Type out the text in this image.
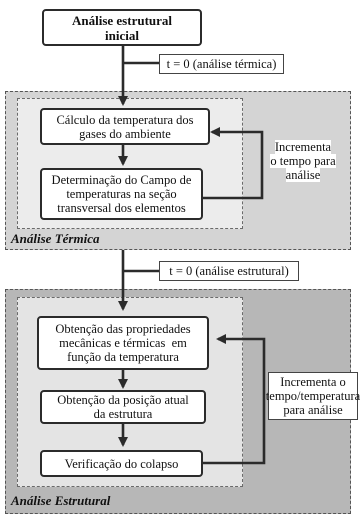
Análise estrutural
inicial
t = 0 (análise térmica)
Cálculo da temperatura dos
gases do ambiente
Determinação do Campo de
temperaturas na seção
transversal dos elementos
Incrementa
o tempo para
análise
Análise Térmica
t = 0 (análise estrutural)
Obtenção das propriedades
mecânicas e térmicas  em
função da temperatura
Obtenção da posição atual
da estrutura
Verificação do colapso
Incrementa o
tempo/temperatura
para análise
Análise Estrutural
